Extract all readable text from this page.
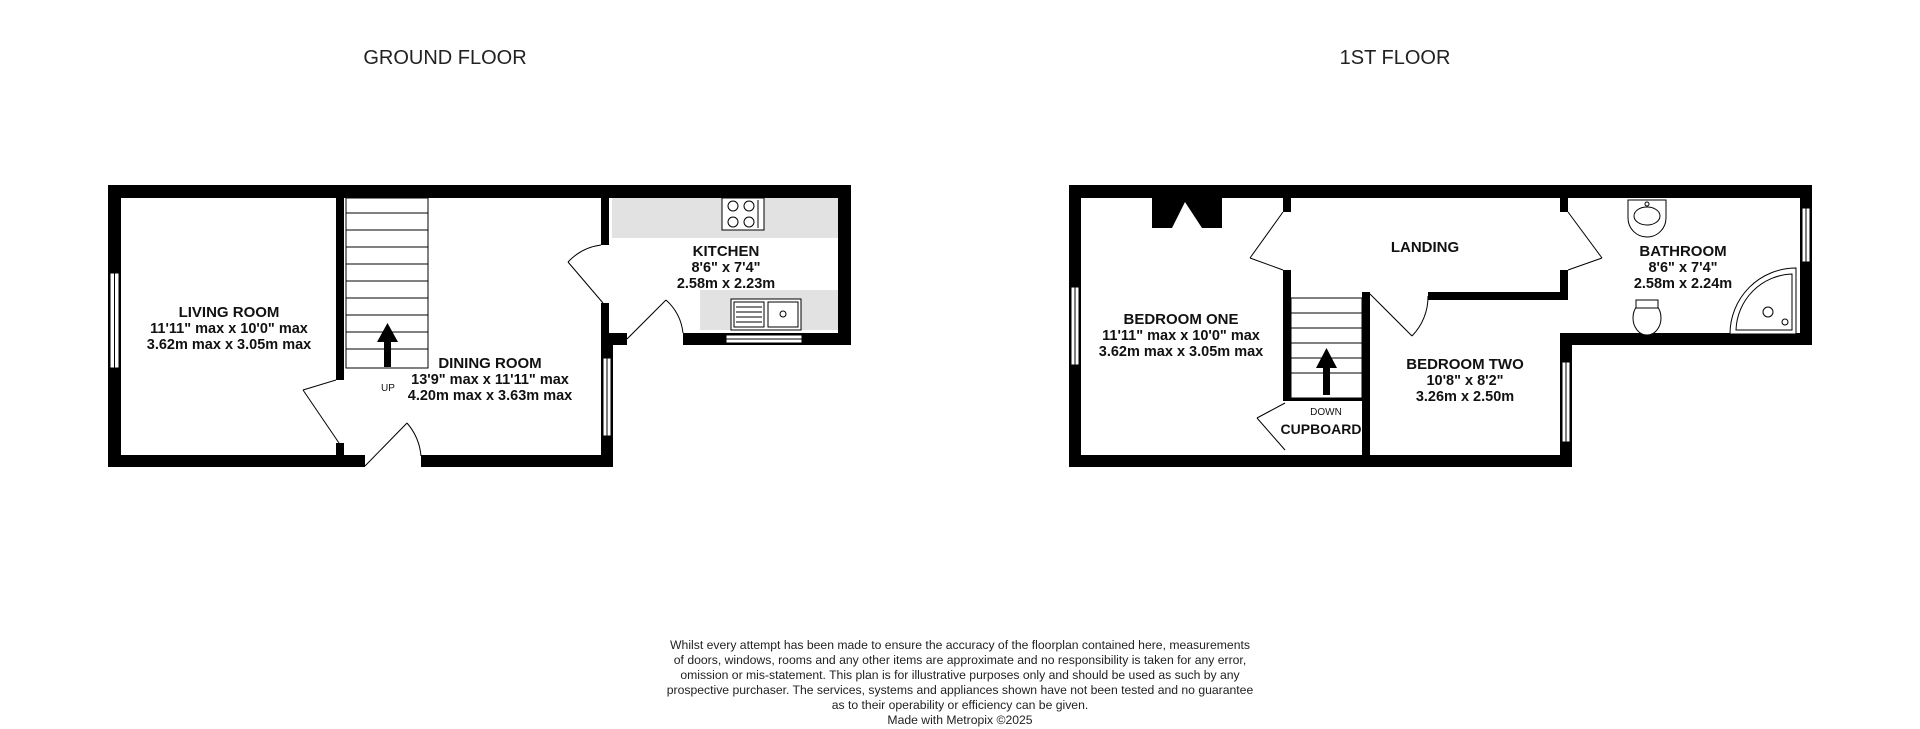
GROUND FLOOR	1ST FLOOR
UP
LIVING ROOM
11'11" max x 10'0" max
3.62m max x 3.05m max
DINING ROOM
13'9" max x 11'11" max
4.20m max x 3.63m max
KITCHEN
8'6" x 7'4"
2.58m x 2.23m
DOWN
LANDING
BEDROOM ONE
11'11" max x 10'0" max
3.62m max x 3.05m max
BEDROOM TWO
10'8" x 8'2"
3.26m x 2.50m
BATHROOM
8'6" x 7'4"
2.58m x 2.24m
CUPBOARD
Whilst every attempt has been made to ensure the accuracy of the floorplan contained here, measurements
of doors, windows, rooms and any other items are approximate and no responsibility is taken for any error,
omission or mis-statement. This plan is for illustrative purposes only and should be used as such by any
prospective purchaser. The services, systems and appliances shown have not been tested and no guarantee
as to their operability or efficiency can be given.
Made with Metropix ©2025
